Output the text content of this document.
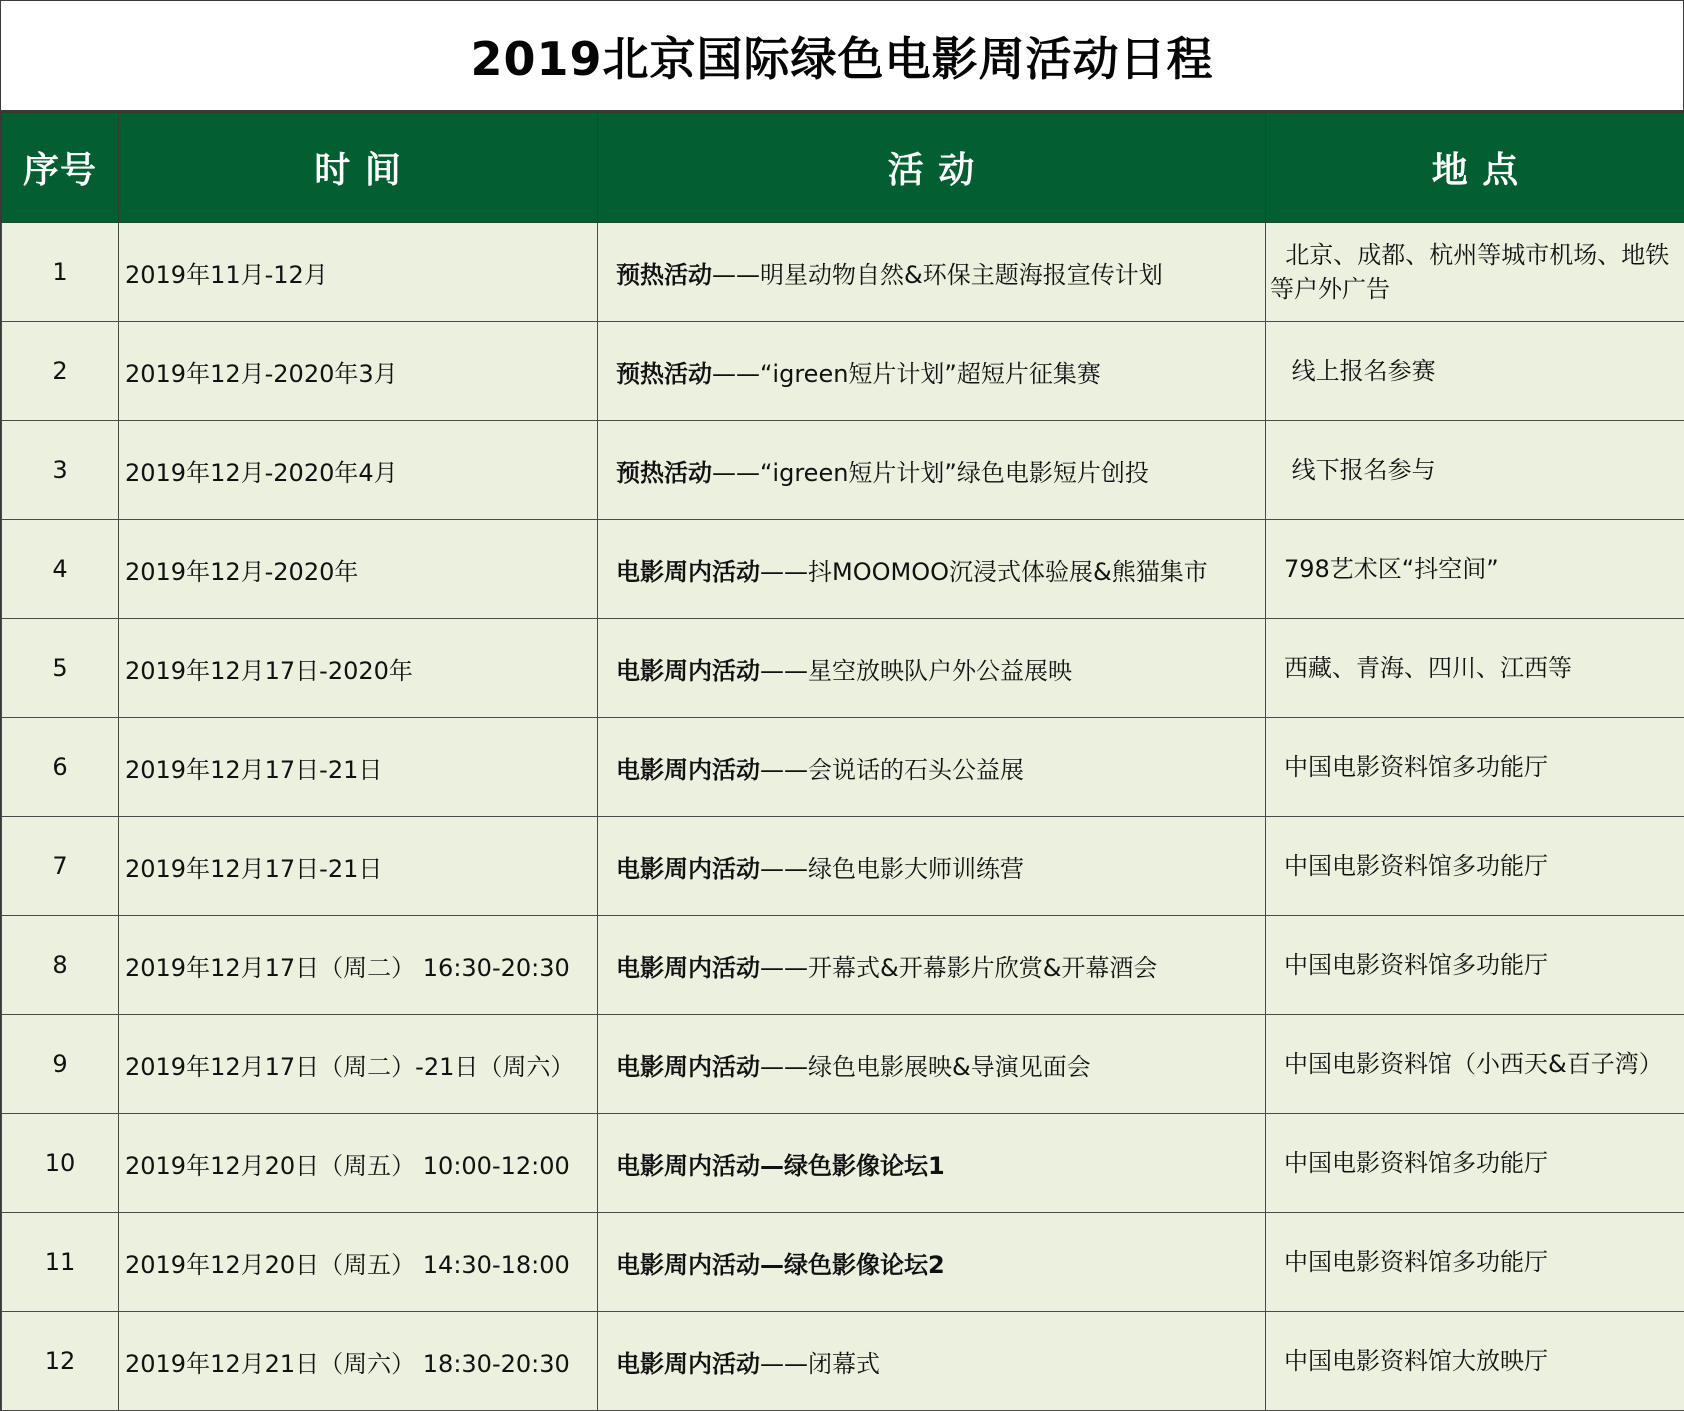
2019北京国际绿色电影周活动日程
序号	时 间	活 动	地 点
1	2019年11月-12月	预热活动——明星动物自然&环保主题海报宣传计划	北京、成都、杭州等城市机场、地铁等户外广告
2	2019年12月-2020年3月	预热活动——“igreen短片计划”超短片征集赛	线上报名参赛
3	2019年12月-2020年4月	预热活动——“igreen短片计划”绿色电影短片创投	线下报名参与
4	2019年12月-2020年	电影周内活动——抖MOOMOO沉浸式体验展&熊猫集市	798艺术区“抖空间”
5	2019年12月17日-2020年	电影周内活动——星空放映队户外公益展映	西藏、青海、四川、江西等
6	2019年12月17日-21日	电影周内活动——会说话的石头公益展	中国电影资料馆多功能厅
7	2019年12月17日-21日	电影周内活动——绿色电影大师训练营	中国电影资料馆多功能厅
8	2019年12月17日（周二） 16:30-20:30	电影周内活动——开幕式&开幕影片欣赏&开幕酒会	中国电影资料馆多功能厅
9	2019年12月17日（周二）-21日（周六）	电影周内活动——绿色电影展映&导演见面会	中国电影资料馆（小西天&百子湾）
10	2019年12月20日（周五） 10:00-12:00	电影周内活动—绿色影像论坛1	中国电影资料馆多功能厅
11	2019年12月20日（周五） 14:30-18:00	电影周内活动—绿色影像论坛2	中国电影资料馆多功能厅
12	2019年12月21日（周六） 18:30-20:30	电影周内活动——闭幕式	中国电影资料馆大放映厅
